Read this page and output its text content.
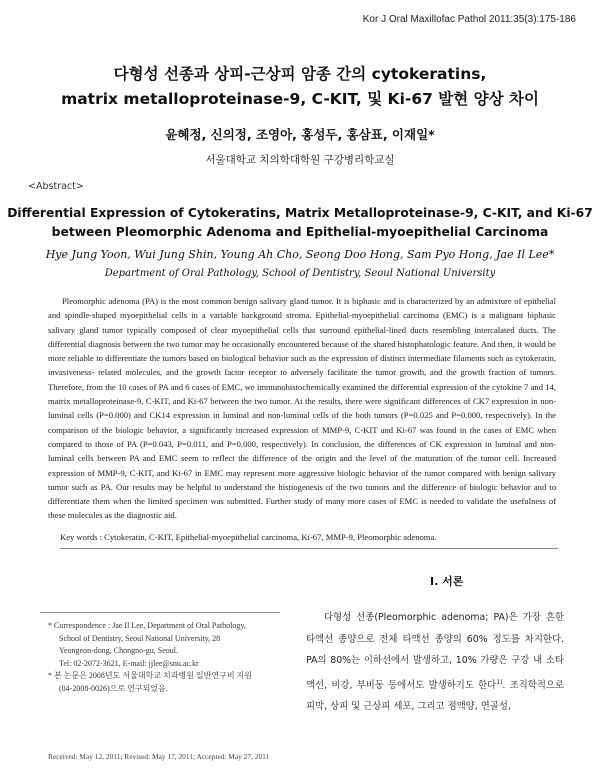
Kor J Oral Maxillofac Pathol 2011:35(3):175-186
다형성 선종과 상피-근상피 암종 간의 cytokeratins,
matrix metalloproteinase-9, C-KIT, 및 Ki-67 발현 양상 차이
윤혜정, 신의정, 조영아, 홍성두, 홍삼표, 이재일*
서울대학교 치의학대학원 구강병리학교실
<Abstract>
Differential Expression of Cytokeratins, Matrix Metalloproteinase-9, C-KIT, and Ki-67
between Pleomorphic Adenoma and Epithelial-myoepithelial Carcinoma
Hye Jung Yoon, Wui Jung Shin, Young Ah Cho, Seong Doo Hong, Sam Pyo Hong, Jae Il Lee*
Department of Oral Pathology, School of Dentistry, Seoul National University

Pleomorphic adenoma (PA) is the most common benign salivary gland tumor. It is biphasic and is characterized by an admixture of epithelial and spindle-shaped myoepithelial cells in a variable background stroma. Epithelial-myoepithelial carcinoma (EMC) is a malignant biphasic salivary gland tumor typically composed of clear myoepithelial cells that surround epithelial-lined ducts resembling intercalated ducts. The differential diagnosis between the two tumor may be occasionally encountered because of the shared histophatologic feature. And then, it would be more reliable to differentiate the tumors based on biological behavior such as the expression of distinct intermediate filaments such as cytokeratin, invasiveness- related molecules, and the growth factor receptor to adversely facilitate the tumor growth, and the growth fraction of tumors. Therefore, from the 10 cases of PA and 6 cases of EMC, we immunohistochemically examined the differential expression of the cytokine 7 and 14, matrix metalloproteinase-9, C-KIT, and Ki-67 between the two tumor. At the results, there were significant differences of CK7 expression in non-luminal cells (P=0.000) and CK14 expression in luminal and non-luminal cells of the both tumors (P=0.025 and P=0.000, respectively). In the comparison of the biologic behavior, a significantly increased expression of MMP-9, C-KIT and Ki-67 was found in the cases of EMC when compared to those of PA (P=0.043, P=0.011, and P=0.000, respectively). In conclusion, the differences of CK expression in luminal and non-luminal cells between PA and EMC seem to reflect the difference of the origin and the level of the maturation of the tumor cell. Increased expression of MMP-9, C-KIT, and Ki-67 in EMC may represent more aggressive biologic behavior of the tumor compared with benign salivary tumor such as PA. Our results may be helpful to understand the histiogenesis of the two tumors and the difference of biologic behavior and to differentiate them when the limited specimen was submitted. Further study of many more cases of EMC is needed to validate the usefulness of these molecules as the diagnostic aid.

Key words : Cytokeratin, C-KIT, Epithelial-myoepithelial carcinoma, Ki-67, MMP-9, Pleomorphic adenoma.
I. 서론

다형성 선종(Pleomorphic adenoma; PA)은 가장 흔한 타액선 종양으로 전체 타액선 종양의 60% 정도를 차지한다. PA의 80%는 이하선에서 발생하고, 10% 가량은 구강 내 소타액선, 비강, 부비동 등에서도 발생하기도 한다$^{1)}$. 조직학적으로 피막, 상피 및 근상피 세포, 그리고 점액양, 연골성,

* Correspondence : Jae Il Lee, Department of Oral Pathology,
School of Dentistry, Seoul National University, 28
Yeongeon-dong, Chongno-gu, Seoul.
Tel: 02-2072-3621, E-mail: jjlee@snu.ac.kr
* 본 논문은 2008년도 서울대학교 치과병원 일반연구비 지원
(04-2008-0026)으로 연구되었음.
Received: May 12, 2011; Revised: May 17, 2011; Accepted: May 27, 2011
